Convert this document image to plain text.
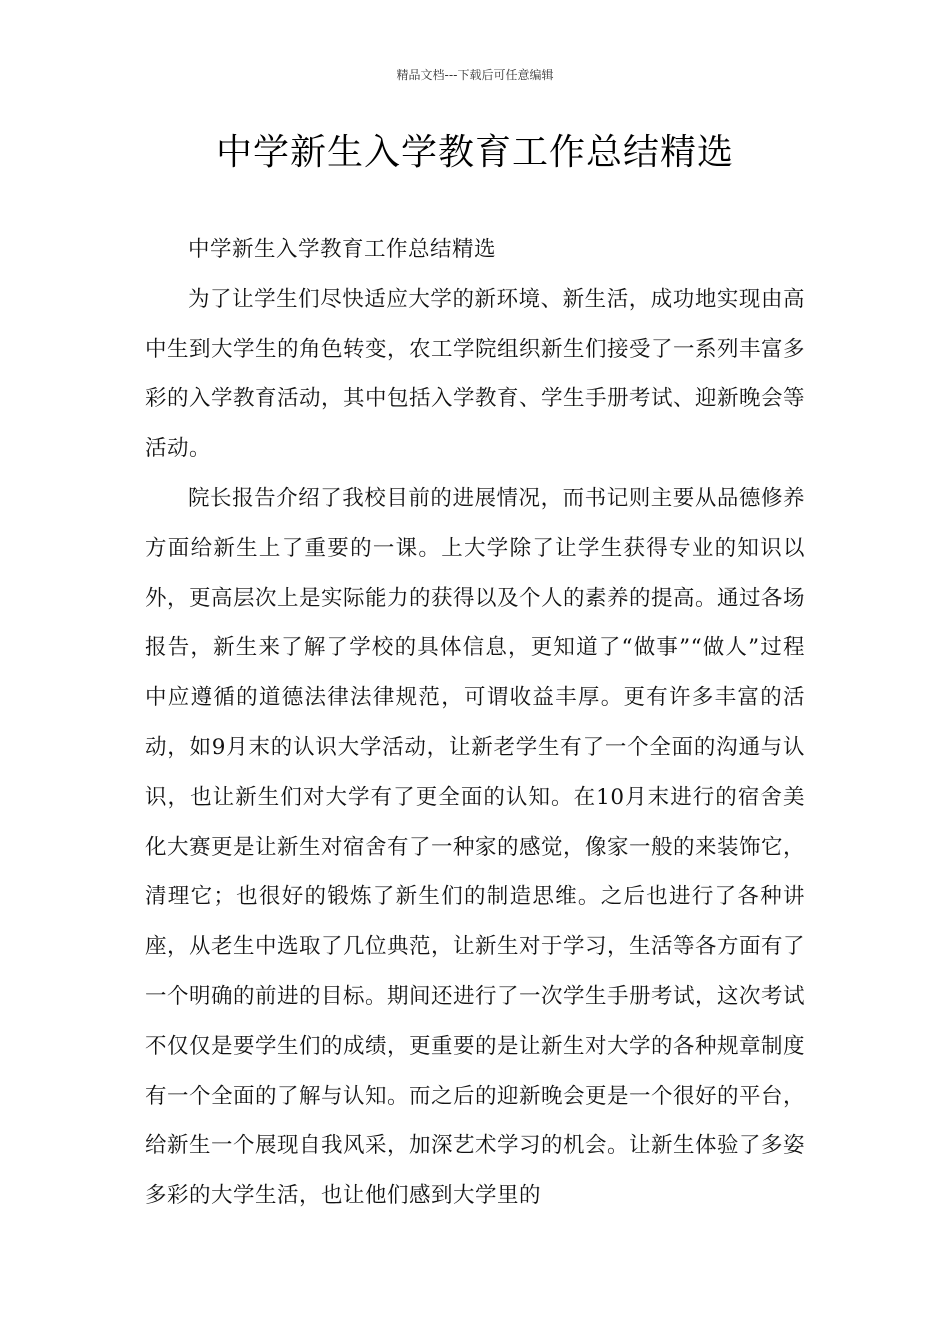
精品文档---下载后可任意编辑
中学新生入学教育工作总结精选

中学新生入学教育工作总结精选

为了让学生们尽快适应大学的新环境、新生活，成功地实现由高中生到大学生的角色转变，农工学院组织新生们接受了一系列丰富多彩的入学教育活动，其中包括入学教育、学生手册考试、迎新晚会等活动。

院长报告介绍了我校目前的进展情况，而书记则主要从品德修养方面给新生上了重要的一课。上大学除了让学生获得专业的知识以外，更高层次上是实际能力的获得以及个人的素养的提高。通过各场报告，新生来了解了学校的具体信息，更知道了“做事”“做人”过程中应遵循的道德法律法律规范，可谓收益丰厚。更有许多丰富的活动，如9月末的认识大学活动，让新老学生有了一个全面的沟通与认识，也让新生们对大学有了更全面的认知。在10月末进行的宿舍美化大赛更是让新生对宿舍有了一种家的感觉，像家一般的来装饰它，清理它；也很好的锻炼了新生们的制造思维。之后也进行了各种讲座，从老生中选取了几位典范，让新生对于学习，生活等各方面有了一个明确的前进的目标。期间还进行了一次学生手册考试，这次考试不仅仅是要学生们的成绩，更重要的是让新生对大学的各种规章制度有一个全面的了解与认知。而之后的迎新晚会更是一个很好的平台，给新生一个展现自我风采，加深艺术学习的机会。让新生体验了多姿多彩的大学生活，也让他们感到大学里的
